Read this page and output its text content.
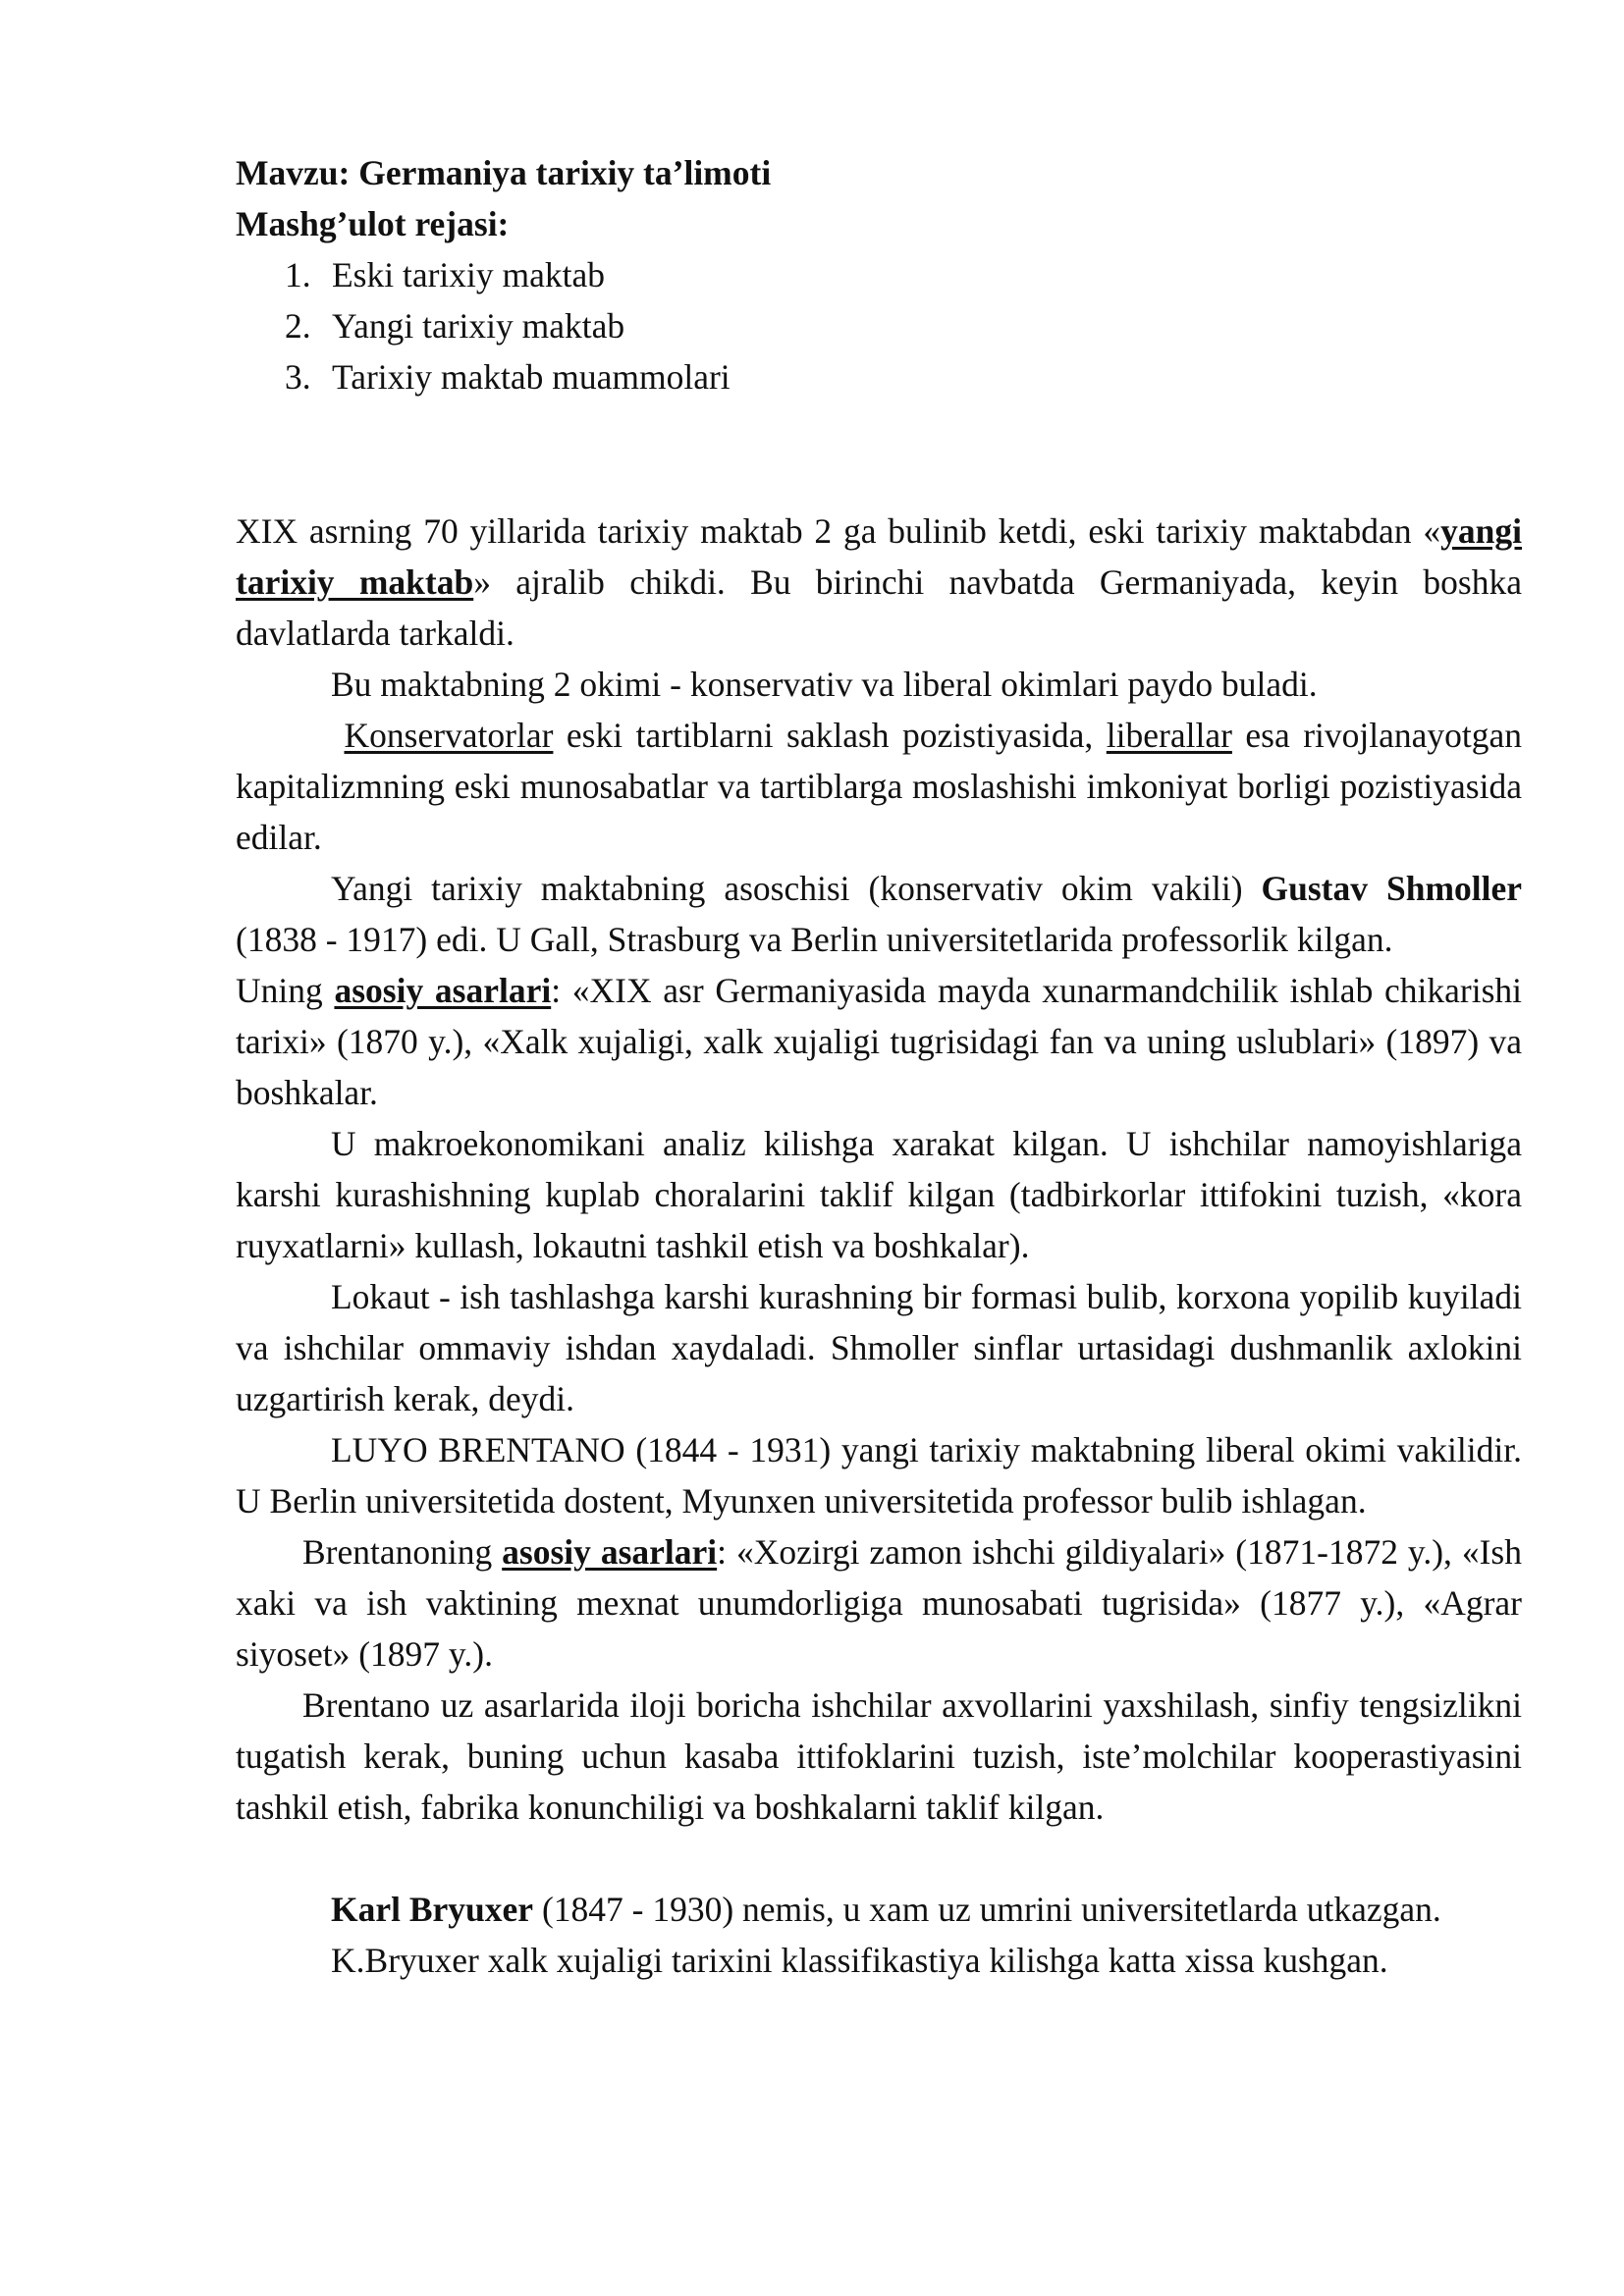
Mavzu: Germaniya tarixiy ta’limoti
Mashg’ulot rejasi:
1. Eski tarixiy maktab
2. Yangi tarixiy maktab
3. Tarixiy maktab muammolari

XIX asrning 70 yillarida tarixiy maktab 2 ga bulinib ketdi, eski tarixiy maktabdan «yangi tarixiy maktab» ajralib chikdi. Bu birinchi navbatda Germaniyada, keyin boshka davlatlarda tarkaldi.

Bu maktabning 2 okimi - konservativ va liberal okimlari paydo buladi.

Konservatorlar eski tartiblarni saklash pozistiyasida, liberallar esa rivojlanayotgan kapitalizmning eski munosabatlar va tartiblarga moslashishi imkoniyat borligi pozistiyasida edilar.

Yangi tarixiy maktabning asoschisi (konservativ okim vakili) Gustav Shmoller (1838 - 1917) edi. U Gall, Strasburg va Berlin universitetlarida professorlik kilgan.

Uning asosiy asarlari: «XIX asr Germaniyasida mayda xunarmandchilik ishlab chikarishi tarixi» (1870 y.), «Xalk xujaligi, xalk xujaligi tugrisidagi fan va uning uslublari» (1897) va boshkalar.

U makroekonomikani analiz kilishga xarakat kilgan. U ishchilar namoyishlariga karshi kurashishning kuplab choralarini taklif kilgan (tadbirkorlar ittifokini tuzish, «kora ruyxatlarni» kullash, lokautni tashkil etish va boshkalar).

Lokaut - ish tashlashga karshi kurashning bir formasi bulib, korxona yopilib kuyiladi va ishchilar ommaviy ishdan xaydaladi. Shmoller sinflar urtasidagi dushmanlik axlokini uzgartirish kerak, deydi.

LUYO BRENTANO (1844 - 1931) yangi tarixiy maktabning liberal okimi vakilidir. U Berlin universitetida dostent, Myunxen universitetida professor bulib ishlagan.

Brentanoning asosiy asarlari: «Xozirgi zamon ishchi gildiyalari» (1871-1872 y.), «Ish xaki va ish vaktining mexnat unumdorligiga munosabati tugrisida» (1877 y.), «Agrar siyoset» (1897 y.).

Brentano uz asarlarida iloji boricha ishchilar axvollarini yaxshilash, sinfiy tengsizlikni tugatish kerak, buning uchun kasaba ittifoklarini tuzish, iste’molchilar kooperastiyasini tashkil etish, fabrika konunchiligi va boshkalarni taklif kilgan.

Karl Bryuxer (1847 - 1930) nemis, u xam uz umrini universitetlarda utkazgan.

K.Bryuxer xalk xujaligi tarixini klassifikastiya kilishga katta xissa kushgan.
